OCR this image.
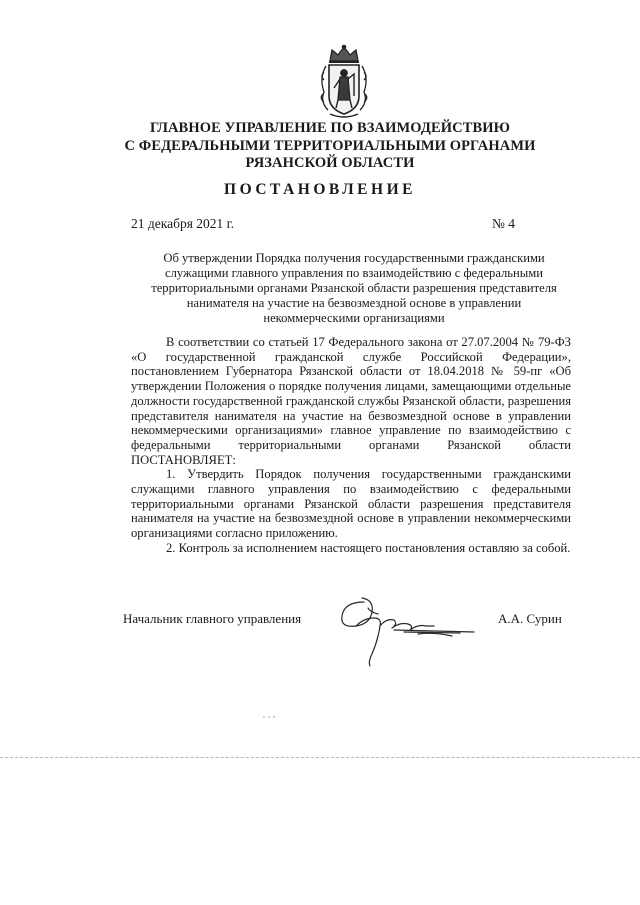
ГЛАВНОЕ УПРАВЛЕНИЕ ПО ВЗАИМОДЕЙСТВИЮ
С ФЕДЕРАЛЬНЫМИ ТЕРРИТОРИАЛЬНЫМИ ОРГАНАМИ
РЯЗАНСКОЙ ОБЛАСТИ
ПОСТАНОВЛЕНИЕ
21 декабря 2021 г.	№ 4
Об утверждении Порядка получения государственными гражданскими служащими главного управления по взаимодействию с федеральными территориальными органами Рязанской области разрешения представителя нанимателя на участие на безвозмездной основе в управлении некоммерческими организациями

В соответствии со статьей 17 Федерального закона от 27.07.2004 № 79-ФЗ «О государственной гражданской службе Российской Федерации», постановлением Губернатора Рязанской области от 18.04.2018 № 59-пг «Об утверждении Положения о порядке получения лицами, замещающими отдельные должности государственной гражданской службы Рязанской области, разрешения представителя нанимателя на участие на безвозмездной основе в управлении некоммерческими организациями» главное управление по взаимодействию с федеральными территориальными органами Рязанской области ПОСТАНОВЛЯЕТ:

1. Утвердить Порядок получения государственными гражданскими служащими главного управления по взаимодействию с федеральными территориальными органами Рязанской области разрешения представителя нанимателя на участие на безвозмездной основе в управлении некоммерческими организациями согласно приложению.

2. Контроль за исполнением настоящего постановления оставляю за собой.

Начальник главного управления	А.А. Сурин
